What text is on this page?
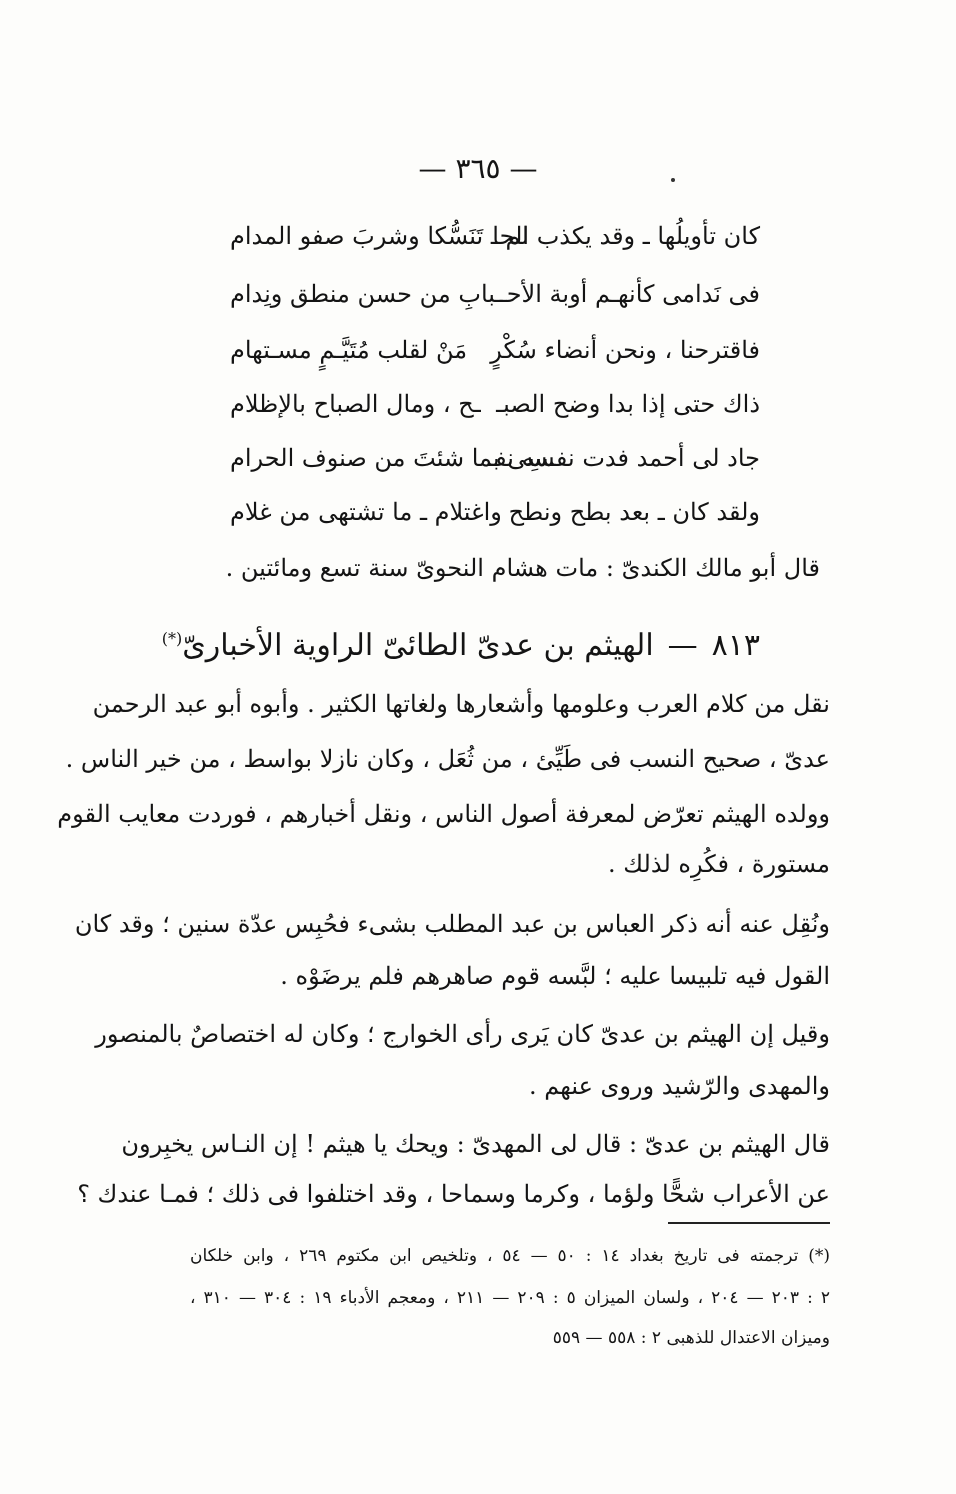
— ٣٦٥ —
كان تأويلُها ـ وقد يكذب الحا
لم ـ تَنَسُّكا وشربَ صفو المدام
فى نَدامى كأنهـم أوبة الأحـ
ـبابِ من حسن منطق ونِدام
فاقترحنا ، ونحن أنضاء سُكْرٍ
مَنْ لقلب مُتَيَّـمٍ مسـتهام
ذاك حتى إذا بدا وضح الصبـ
ـح ، ومال الصباح بالإظلام
جاد لى أحمد فدت نفسه نفـ
ـسِى بما شئتَ من صنوف الحرام
ولقد كان ـ بعد بطح ونطح
واغتلام ـ ما تشتهى من غلام
قال أبو مالك الكندىّ : مات هشام النحوىّ سنة تسع ومائتين .
٨١٣—الهيثم بن عدىّ الطائىّ الراوية الأخبارىّ(*)
نقل من كلام العرب وعلومها وأشعارها ولغاتها الكثير . وأبوه أبو عبد الرحمن
عدىّ ، صحيح النسب فى طَيِّئ ، من ثُعَل ، وكان نازلا بواسط ، من خير الناس .
وولده الهيثم تعرّض لمعرفة أصول الناس ، ونقل أخبارهم ، فوردت معايب القوم
مستورة ، فكُرِه لذلك .
ونُقِل عنه أنه ذكر العباس بن عبد المطلب بشىء فحُبِس عدّة سنين ؛ وقد كان
القول فيه تلبيسا عليه ؛ لبَّسه قوم صاهرهم فلم يرضَوْه .
وقيل إن الهيثم بن عدىّ كان يَرى رأى الخوارج ؛ وكان له اختصاصٌ بالمنصور
والمهدى والرّشيد وروى عنهم .
قال الهيثم بن عدىّ : قال لى المهدىّ : ويحك يا هيثم ! إن النـاس يخبِرون
عن الأعراب شحًّا ولؤما ، وكرما وسماحا ، وقد اختلفوا فى ذلك ؛ فمـا عندك ؟
(*) ترجمته فى تاريخ بغداد ١٤ : ٥٠ — ٥٤ ، وتلخيص ابن مكتوم ٢٦٩ ، وابن خلكان
٢ : ٢٠٣ — ٢٠٤ ، ولسان الميزان ٥ : ٢٠٩ — ٢١١ ، ومعجم الأدباء ١٩ : ٣٠٤ — ٣١٠ ،
وميزان الاعتدال للذهبى ٢ : ٥٥٨ — ٥٥٩
